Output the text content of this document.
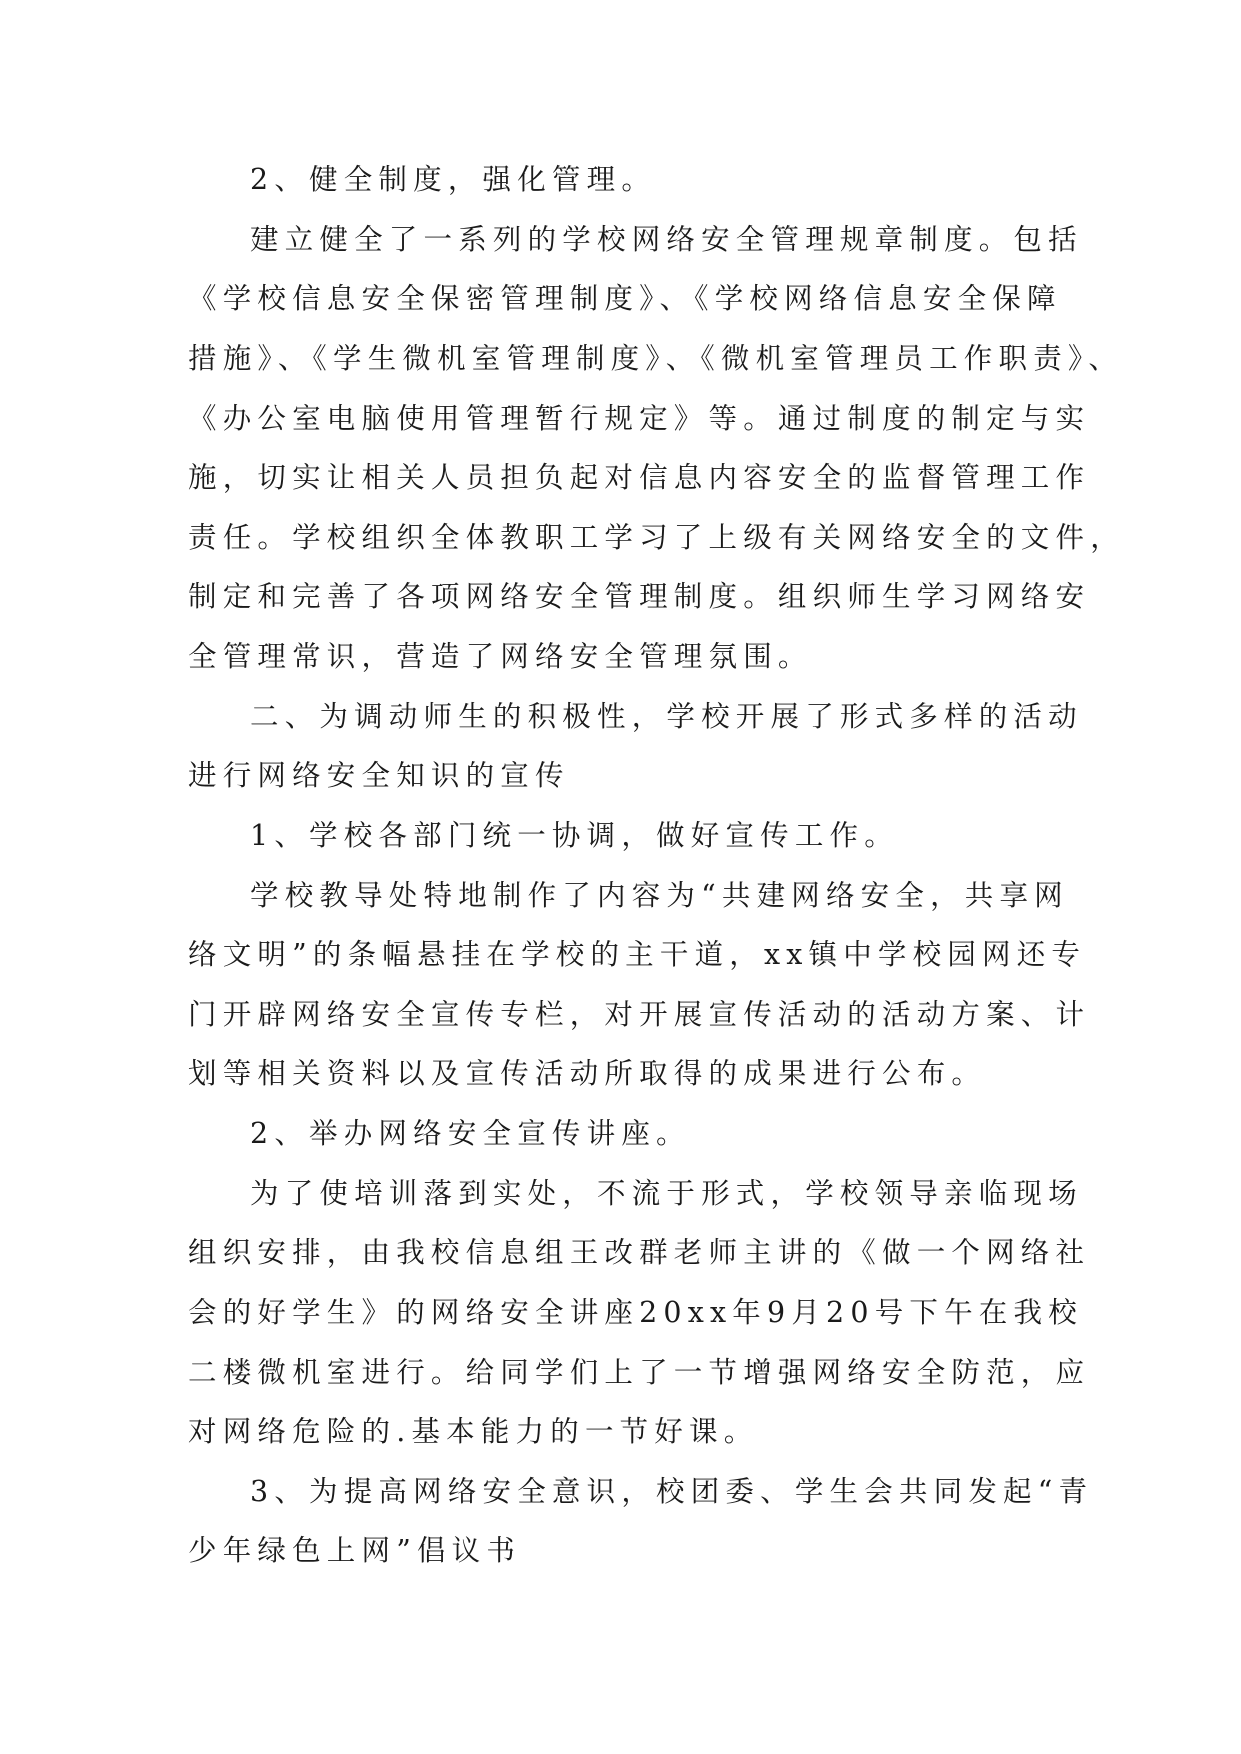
2、健全制度，强化管理。
建立健全了一系列的学校网络安全管理规章制度。包括
《学校信息安全保密管理制度》、《学校网络信息安全保障
措施》、《学生微机室管理制度》、《微机室管理员工作职责》、
《办公室电脑使用管理暂行规定》等。通过制度的制定与实
施，切实让相关人员担负起对信息内容安全的监督管理工作
责任。学校组织全体教职工学习了上级有关网络安全的文件，
制定和完善了各项网络安全管理制度。组织师生学习网络安
全管理常识，营造了网络安全管理氛围。
二、为调动师生的积极性，学校开展了形式多样的活动
进行网络安全知识的宣传
1、学校各部门统一协调，做好宣传工作。
学校教导处特地制作了内容为“共建网络安全，共享网
络文明”的条幅悬挂在学校的主干道，xx镇中学校园网还专
门开辟网络安全宣传专栏，对开展宣传活动的活动方案、计
划等相关资料以及宣传活动所取得的成果进行公布。
2、举办网络安全宣传讲座。
为了使培训落到实处，不流于形式，学校领导亲临现场
组织安排，由我校信息组王改群老师主讲的《做一个网络社
会的好学生》的网络安全讲座20xx年9月20号下午在我校
二楼微机室进行。给同学们上了一节增强网络安全防范，应
对网络危险的.基本能力的一节好课。
3、为提高网络安全意识，校团委、学生会共同发起“青
少年绿色上网”倡议书
